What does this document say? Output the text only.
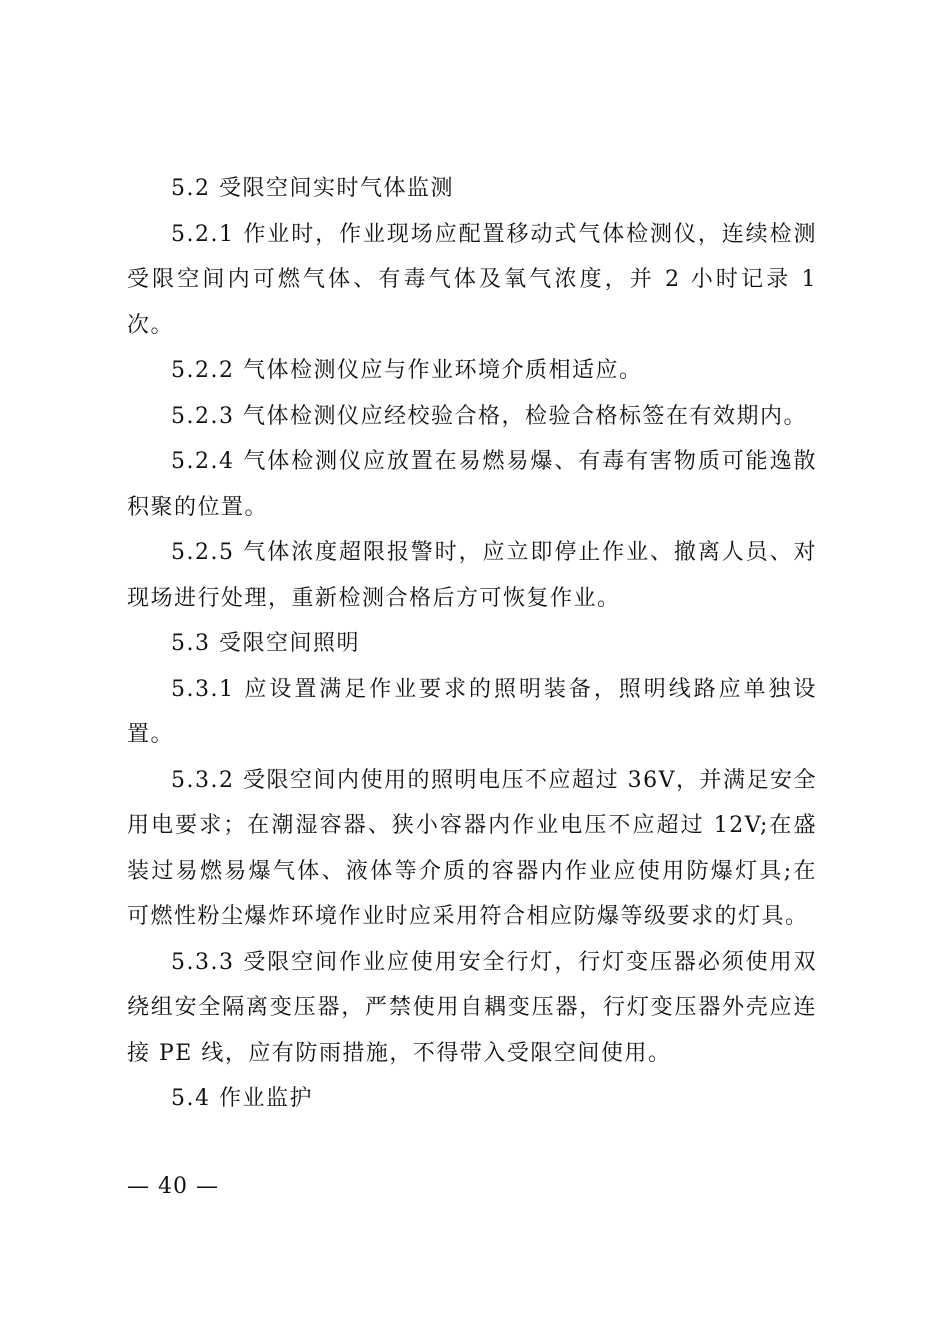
5.2 受限空间实时气体监测

5.2.1 作业时，作业现场应配置移动式气体检测仪，连续检测受限空间内可燃气体、有毒气体及氧气浓度，并 2 小时记录 1 次。

5.2.2 气体检测仪应与作业环境介质相适应。

5.2.3 气体检测仪应经校验合格，检验合格标签在有效期内。

5.2.4 气体检测仪应放置在易燃易爆、有毒有害物质可能逸散积聚的位置。

5.2.5 气体浓度超限报警时，应立即停止作业、撤离人员、对现场进行处理，重新检测合格后方可恢复作业。

5.3 受限空间照明

5.3.1 应设置满足作业要求的照明装备，照明线路应单独设置。

5.3.2 受限空间内使用的照明电压不应超过 36V，并满足安全用电要求；在潮湿容器、狭小容器内作业电压不应超过 12V;在盛装过易燃易爆气体、液体等介质的容器内作业应使用防爆灯具;在可燃性粉尘爆炸环境作业时应采用符合相应防爆等级要求的灯具。

5.3.3 受限空间作业应使用安全行灯，行灯变压器必须使用双绕组安全隔离变压器，严禁使用自耦变压器，行灯变压器外壳应连接 PE 线，应有防雨措施，不得带入受限空间使用。

5.4 作业监护

— 40 —
